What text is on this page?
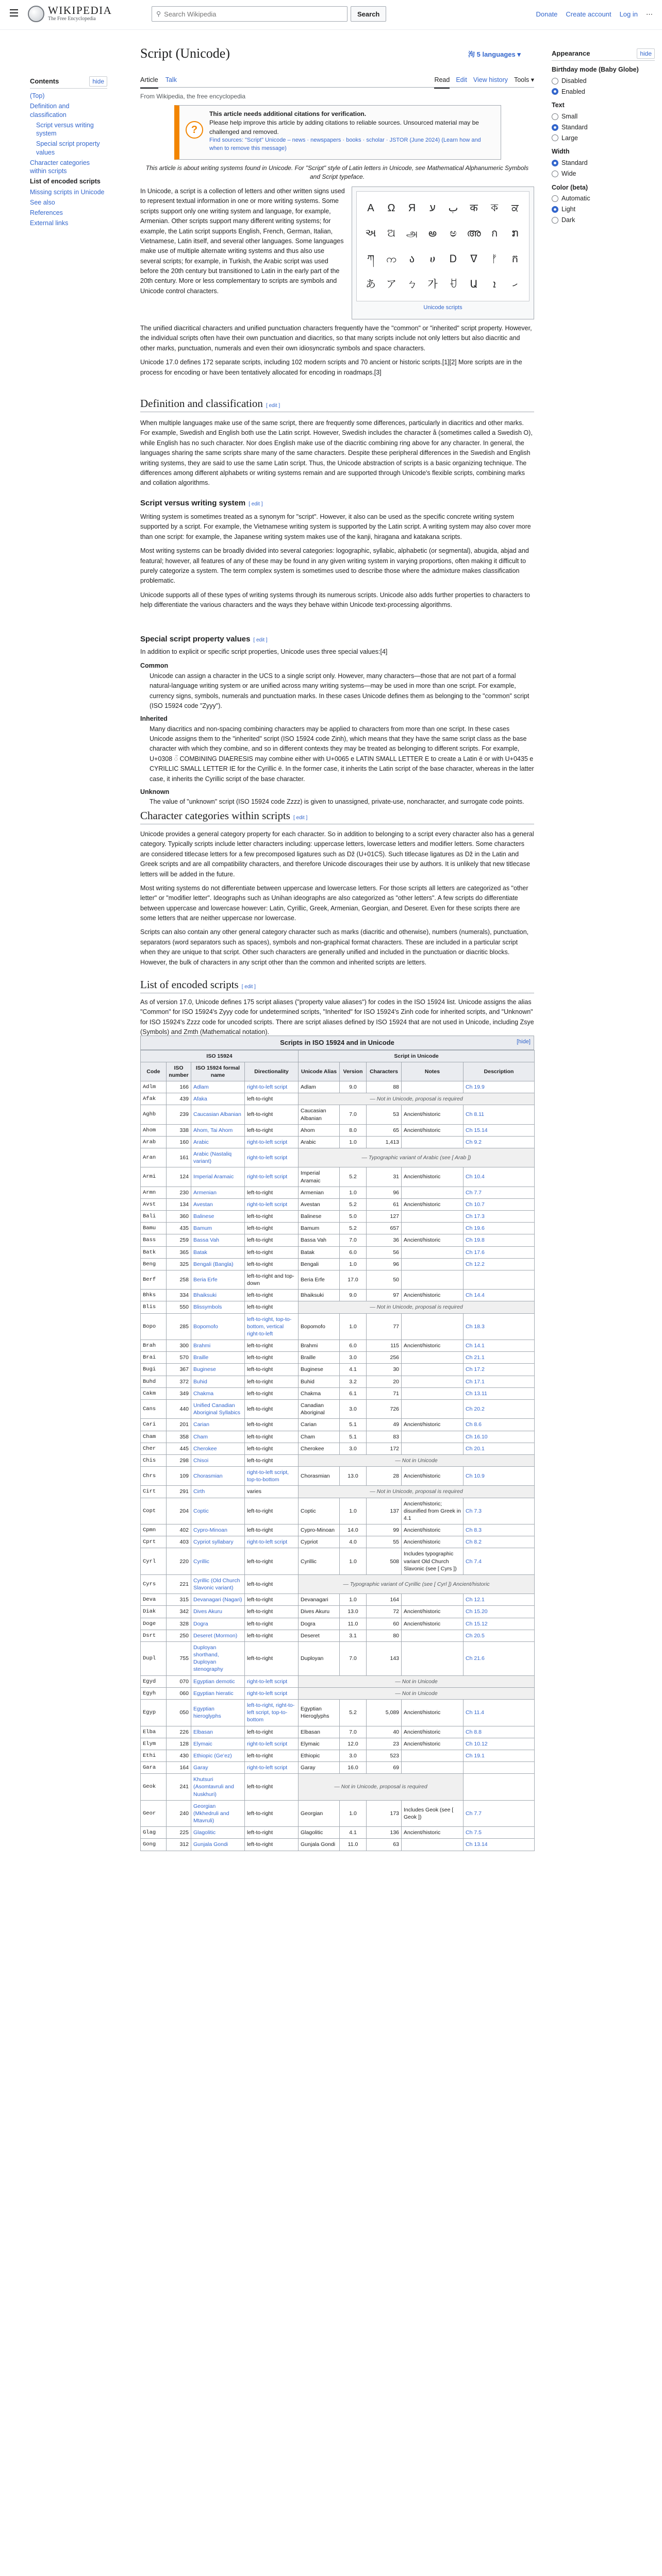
WIKIPEDIA
The Free Encyclopedia
⚲
Search Wikipedia	Search	Donate Create account Log in ⋯
Contents	hide
(Top)
Definition and classification
Script versus writing system
Special script property values
Character categories within scripts
List of encoded scripts
Missing scripts in Unicode
See also
References
External links
Script (Unicode)	泃 5 languages ▾
Article Talk	Read Edit View history Tools ▾
From Wikipedia, the free encyclopedia
?
This article needs additional citations for verification.
Please help improve this article by adding citations to reliable sources. Unsourced material may be challenged and removed.
Find sources: "Script" Unicode – news · newspapers · books · scholar · JSTOR (June 2024) (Learn how and when to remove this message)
This article is about writing systems found in Unicode. For "Script" style of Latin letters in Unicode, see Mathematical Alphanumeric Symbols and Script typeface.
A Ω Я ע ب क ক ਕ
અ ଅ அ అ ಅ അ ก ກ
ཀ က ა ሀ Ꭰ ᐁ ᚠ ក
あ ア ㄅ 가 ꀀ Ա ܐ ހ
Unicode scripts
Appearance	hide
Birthday mode (Baby Globe)
Disabled
Enabled
Text
Small
Standard
Large
Width
Standard
Wide
Color (beta)
Automatic
Light
Dark

In Unicode, a script is a collection of letters and other written signs used to represent textual information in one or more writing systems. Some scripts support only one writing system and language, for example, Armenian. Other scripts support many different writing systems; for example, the Latin script supports English, French, German, Italian, Vietnamese, Latin itself, and several other languages. Some languages make use of multiple alternate writing systems and thus also use several scripts; for example, in Turkish, the Arabic script was used before the 20th century but transitioned to Latin in the early part of the 20th century. More or less complementary to scripts are symbols and Unicode control characters.

The unified diacritical characters and unified punctuation characters frequently have the "common" or "inherited" script property. However, the individual scripts often have their own punctuation and diacritics, so that many scripts include not only letters but also diacritic and other marks, punctuation, numerals and even their own idiosyncratic symbols and space characters.

Unicode 17.0 defines 172 separate scripts, including 102 modern scripts and 70 ancient or historic scripts.[1][2] More scripts are in the process for encoding or have been tentatively allocated for encoding in roadmaps.[3]

Definition and classification [ edit ]

When multiple languages make use of the same script, there are frequently some differences, particularly in diacritics and other marks. For example, Swedish and English both use the Latin script. However, Swedish includes the character å (sometimes called a Swedish O), while English has no such character. Nor does English make use of the diacritic combining ring above for any character. In general, the languages sharing the same scripts share many of the same characters. Despite these peripheral differences in the Swedish and English writing systems, they are said to use the same Latin script. Thus, the Unicode abstraction of scripts is a basic organizing technique. The differences among different alphabets or writing systems remain and are supported through Unicode's flexible scripts, combining marks and collation algorithms.

Script versus writing system [ edit ]

Writing system is sometimes treated as a synonym for "script". However, it also can be used as the specific concrete writing system supported by a script. For example, the Vietnamese writing system is supported by the Latin script. A writing system may also cover more than one script: for example, the Japanese writing system makes use of the kanji, hiragana and katakana scripts.

Most writing systems can be broadly divided into several categories: logographic, syllabic, alphabetic (or segmental), abugida, abjad and featural; however, all features of any of these may be found in any given writing system in varying proportions, often making it difficult to purely categorize a system. The term complex system is sometimes used to describe those where the admixture makes classification problematic.

Unicode supports all of these types of writing systems through its numerous scripts. Unicode also adds further properties to characters to help differentiate the various characters and the ways they behave within Unicode text-processing algorithms.

Special script property values [ edit ]

In addition to explicit or specific script properties, Unicode uses three special values:[4]

Common
Unicode can assign a character in the UCS to a single script only. However, many characters—those that are not part of a formal natural-language writing system or are unified across many writing systems—may be used in more than one script. For example, currency signs, symbols, numerals and punctuation marks. In these cases Unicode defines them as belonging to the "common" script (ISO 15924 code "Zyyy").
Inherited
Many diacritics and non-spacing combining characters may be applied to characters from more than one script. In these cases Unicode assigns them to the "inherited" script (ISO 15924 code Zinh), which means that they have the same script class as the base character with which they combine, and so in different contexts they may be treated as belonging to different scripts. For example, U+0308 ◌̈ COMBINING DIAERESIS may combine either with U+0065 e LATIN SMALL LETTER E to create a Latin ë or with U+0435 е CYRILLIC SMALL LETTER IE for the Cyrillic ё. In the former case, it inherits the Latin script of the base character, whereas in the latter case, it inherits the Cyrillic script of the base character.
Unknown
The value of "unknown" script (ISO 15924 code Zzzz) is given to unassigned, private-use, noncharacter, and surrogate code points.
Character categories within scripts [ edit ]

Unicode provides a general category property for each character. So in addition to belonging to a script every character also has a general category. Typically scripts include letter characters including: uppercase letters, lowercase letters and modifier letters. Some characters are considered titlecase letters for a few precomposed ligatures such as Dž (U+01C5). Such titlecase ligatures as ǅ in the Latin and Greek scripts and are all compatibility characters, and therefore Unicode discourages their use by authors. It is unlikely that new titlecase letters will be added in the future.

Most writing systems do not differentiate between uppercase and lowercase letters. For those scripts all letters are categorized as "other letter" or "modifier letter". Ideographs such as Unihan ideographs are also categorized as "other letters". A few scripts do differentiate between uppercase and lowercase however: Latin, Cyrillic, Greek, Armenian, Georgian, and Deseret. Even for these scripts there are some letters that are neither uppercase nor lowercase.

Scripts can also contain any other general category character such as marks (diacritic and otherwise), numbers (numerals), punctuation, separators (word separators such as spaces), symbols and non-graphical format characters. These are included in a particular script when they are unique to that script. Other such characters are generally unified and included in the punctuation or diacritic blocks. However, the bulk of characters in any script other than the common and inherited scripts are letters.

List of encoded scripts [ edit ]

As of version 17.0, Unicode defines 175 script aliases ("property value aliases") for codes in the ISO 15924 list. Unicode assigns the alias "Common" for ISO 15924's Zyyy code for undetermined scripts, "Inherited" for ISO 15924's Zinh code for inherited scripts, and "Unknown" for ISO 15924's Zzzz code for uncoded scripts. There are script aliases defined by ISO 15924 that are not used in Unicode, including Zsye (Symbols) and Zmth (Mathematical notation).

Scripts in ISO 15924 and in Unicode	[hide]
ISO 15924				Script in Unicode				
Code	ISO number	ISO 15924 formal name	Directionality	Unicode Alias	Version	Characters	Notes	Description
Adlm	166	Adlam	right-to-left script	Adlam	9.0	88		Ch 19.9
Afak	439	Afaka	left-to-right	— Not in Unicode, proposal is required				
Aghb	239	Caucasian Albanian	left-to-right	Caucasian Albanian	7.0	53	Ancient/historic	Ch 8.11
Ahom	338	Ahom, Tai Ahom	left-to-right	Ahom	8.0	65	Ancient/historic	Ch 15.14
Arab	160	Arabic	right-to-left script	Arabic	1.0	1,413		Ch 9.2
Aran	161	Arabic (Nastaliq variant)	right-to-left script	— Typographic variant of Arabic (see [ Arab ])				
Armi	124	Imperial Aramaic	right-to-left script	Imperial Aramaic	5.2	31	Ancient/historic	Ch 10.4
Armn	230	Armenian	left-to-right	Armenian	1.0	96		Ch 7.7
Avst	134	Avestan	right-to-left script	Avestan	5.2	61	Ancient/historic	Ch 10.7
Bali	360	Balinese	left-to-right	Balinese	5.0	127		Ch 17.3
Bamu	435	Bamum	left-to-right	Bamum	5.2	657		Ch 19.6
Bass	259	Bassa Vah	left-to-right	Bassa Vah	7.0	36	Ancient/historic	Ch 19.8
Batk	365	Batak	left-to-right	Batak	6.0	56		Ch 17.6
Beng	325	Bengali (Bangla)	left-to-right	Bengali	1.0	96		Ch 12.2
Berf	258	Beria Erfe	left-to-right and top-down	Beria Erfe	17.0	50		
Bhks	334	Bhaiksuki	left-to-right	Bhaiksuki	9.0	97	Ancient/historic	Ch 14.4
Blis	550	Blissymbols	left-to-right	— Not in Unicode, proposal is required				
Bopo	285	Bopomofo	left-to-right, top-to-bottom, vertical right-to-left	Bopomofo	1.0	77		Ch 18.3
Brah	300	Brahmi	left-to-right	Brahmi	6.0	115	Ancient/historic	Ch 14.1
Brai	570	Braille	left-to-right	Braille	3.0	256		Ch 21.1
Bugi	367	Buginese	left-to-right	Buginese	4.1	30		Ch 17.2
Buhd	372	Buhid	left-to-right	Buhid	3.2	20		Ch 17.1
Cakm	349	Chakma	left-to-right	Chakma	6.1	71		Ch 13.11
Cans	440	Unified Canadian Aboriginal Syllabics	left-to-right	Canadian Aboriginal	3.0	726		Ch 20.2
Cari	201	Carian	left-to-right	Carian	5.1	49	Ancient/historic	Ch 8.6
Cham	358	Cham	left-to-right	Cham	5.1	83		Ch 16.10
Cher	445	Cherokee	left-to-right	Cherokee	3.0	172		Ch 20.1
Chis	298	Chisoi	left-to-right	— Not in Unicode				
Chrs	109	Chorasmian	right-to-left script, top-to-bottom	Chorasmian	13.0	28	Ancient/historic	Ch 10.9
Cirt	291	Cirth	varies	— Not in Unicode, proposal is required				
Copt	204	Coptic	left-to-right	Coptic	1.0	137	Ancient/historic; disunified from Greek in 4.1	Ch 7.3
Cpmn	402	Cypro-Minoan	left-to-right	Cypro-Minoan	14.0	99	Ancient/historic	Ch 8.3
Cprt	403	Cypriot syllabary	right-to-left script	Cypriot	4.0	55	Ancient/historic	Ch 8.2
Cyrl	220	Cyrillic	left-to-right	Cyrillic	1.0	508	Includes typographic variant Old Church Slavonic (see [ Cyrs ])	Ch 7.4
Cyrs	221	Cyrillic (Old Church Slavonic variant)	left-to-right	— Typographic variant of Cyrillic (see [ Cyrl ]) Ancient/historic				
Deva	315	Devanagari (Nagari)	left-to-right	Devanagari	1.0	164		Ch 12.1
Diak	342	Dives Akuru	left-to-right	Dives Akuru	13.0	72	Ancient/historic	Ch 15.20
Doge	328	Dogra	left-to-right	Dogra	11.0	60	Ancient/historic	Ch 15.12
Dsrt	250	Deseret (Mormon)	left-to-right	Deseret	3.1	80		Ch 20.5
Dupl	755	Duployan shorthand, Duployan stenography	left-to-right	Duployan	7.0	143		Ch 21.6
Egyd	070	Egyptian demotic	right-to-left script	— Not in Unicode				
Egyh	060	Egyptian hieratic	right-to-left script	— Not in Unicode				
Egyp	050	Egyptian hieroglyphs	left-to-right, right-to-left script, top-to-bottom	Egyptian Hieroglyphs	5.2	5,089	Ancient/historic	Ch 11.4
Elba	226	Elbasan	left-to-right	Elbasan	7.0	40	Ancient/historic	Ch 8.8
Elym	128	Elymaic	right-to-left script	Elymaic	12.0	23	Ancient/historic	Ch 10.12
Ethi	430	Ethiopic (Geʻez)	left-to-right	Ethiopic	3.0	523		Ch 19.1
Gara	164	Garay	right-to-left script	Garay	16.0	69		
Geok	241	Khutsuri (Asomtavruli and Nuskhuri)	left-to-right	— Not in Unicode, proposal is required				
Geor	240	Georgian (Mkhedruli and Mtavruli)	left-to-right	Georgian	1.0	173	Includes Geok (see [ Geok ])	Ch 7.7
Glag	225	Glagolitic	left-to-right	Glagolitic	4.1	136	Ancient/historic	Ch 7.5
Gong	312	Gunjala Gondi	left-to-right	Gunjala Gondi	11.0	63		Ch 13.14
